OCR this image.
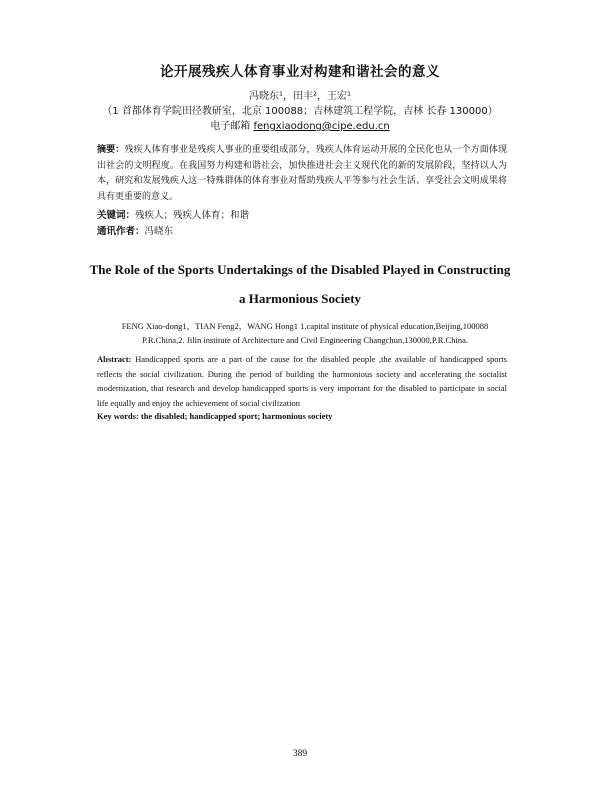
论开展残疾人体育事业对构建和谐社会的意义
冯晓东¹，田丰²，王宏¹
（1 首都体育学院田径教研室，北京 100088；吉林建筑工程学院，吉林 长春 130000）
电子邮箱 fengxiaodong@cipe.edu.cn
摘要：残疾人体育事业是残疾人事业的重要组成部分，残疾人体育运动开展的全民化也从一个方面体现出社会的文明程度。在我国努力构建和谐社会，加快推进社会主义现代化的新的发展阶段，坚持以人为本，研究和发展残疾人这一特殊群体的体育事业对帮助残疾人平等参与社会生活、享受社会文明成果将具有更重要的意义。
关键词：残疾人；残疾人体育；和谐
通讯作者：冯晓东
The Role of the Sports Undertakings of the Disabled Played in Constructing
a Harmonious Society
FENG Xiao-dong1，TIAN Feng2，WANG Hong1 1.capital institute of physical education,Beijing,100088 P.R.China,2. Jilin institute of Architecture and Civil Engineering Changchun,130000,P.R.China.
Abstract: Handicapped sports are a part of the cause for the disabled people ,the available of handicapped sports reflects the social civilization. During the period of building the harmonious society and accelerating the socialist modernization, that research and develop handicapped sports is very important for the disabled to participate in social life equally and enjoy the achievement of social civilization
Key words: the disabled; handicapped sport; harmonious society
389
